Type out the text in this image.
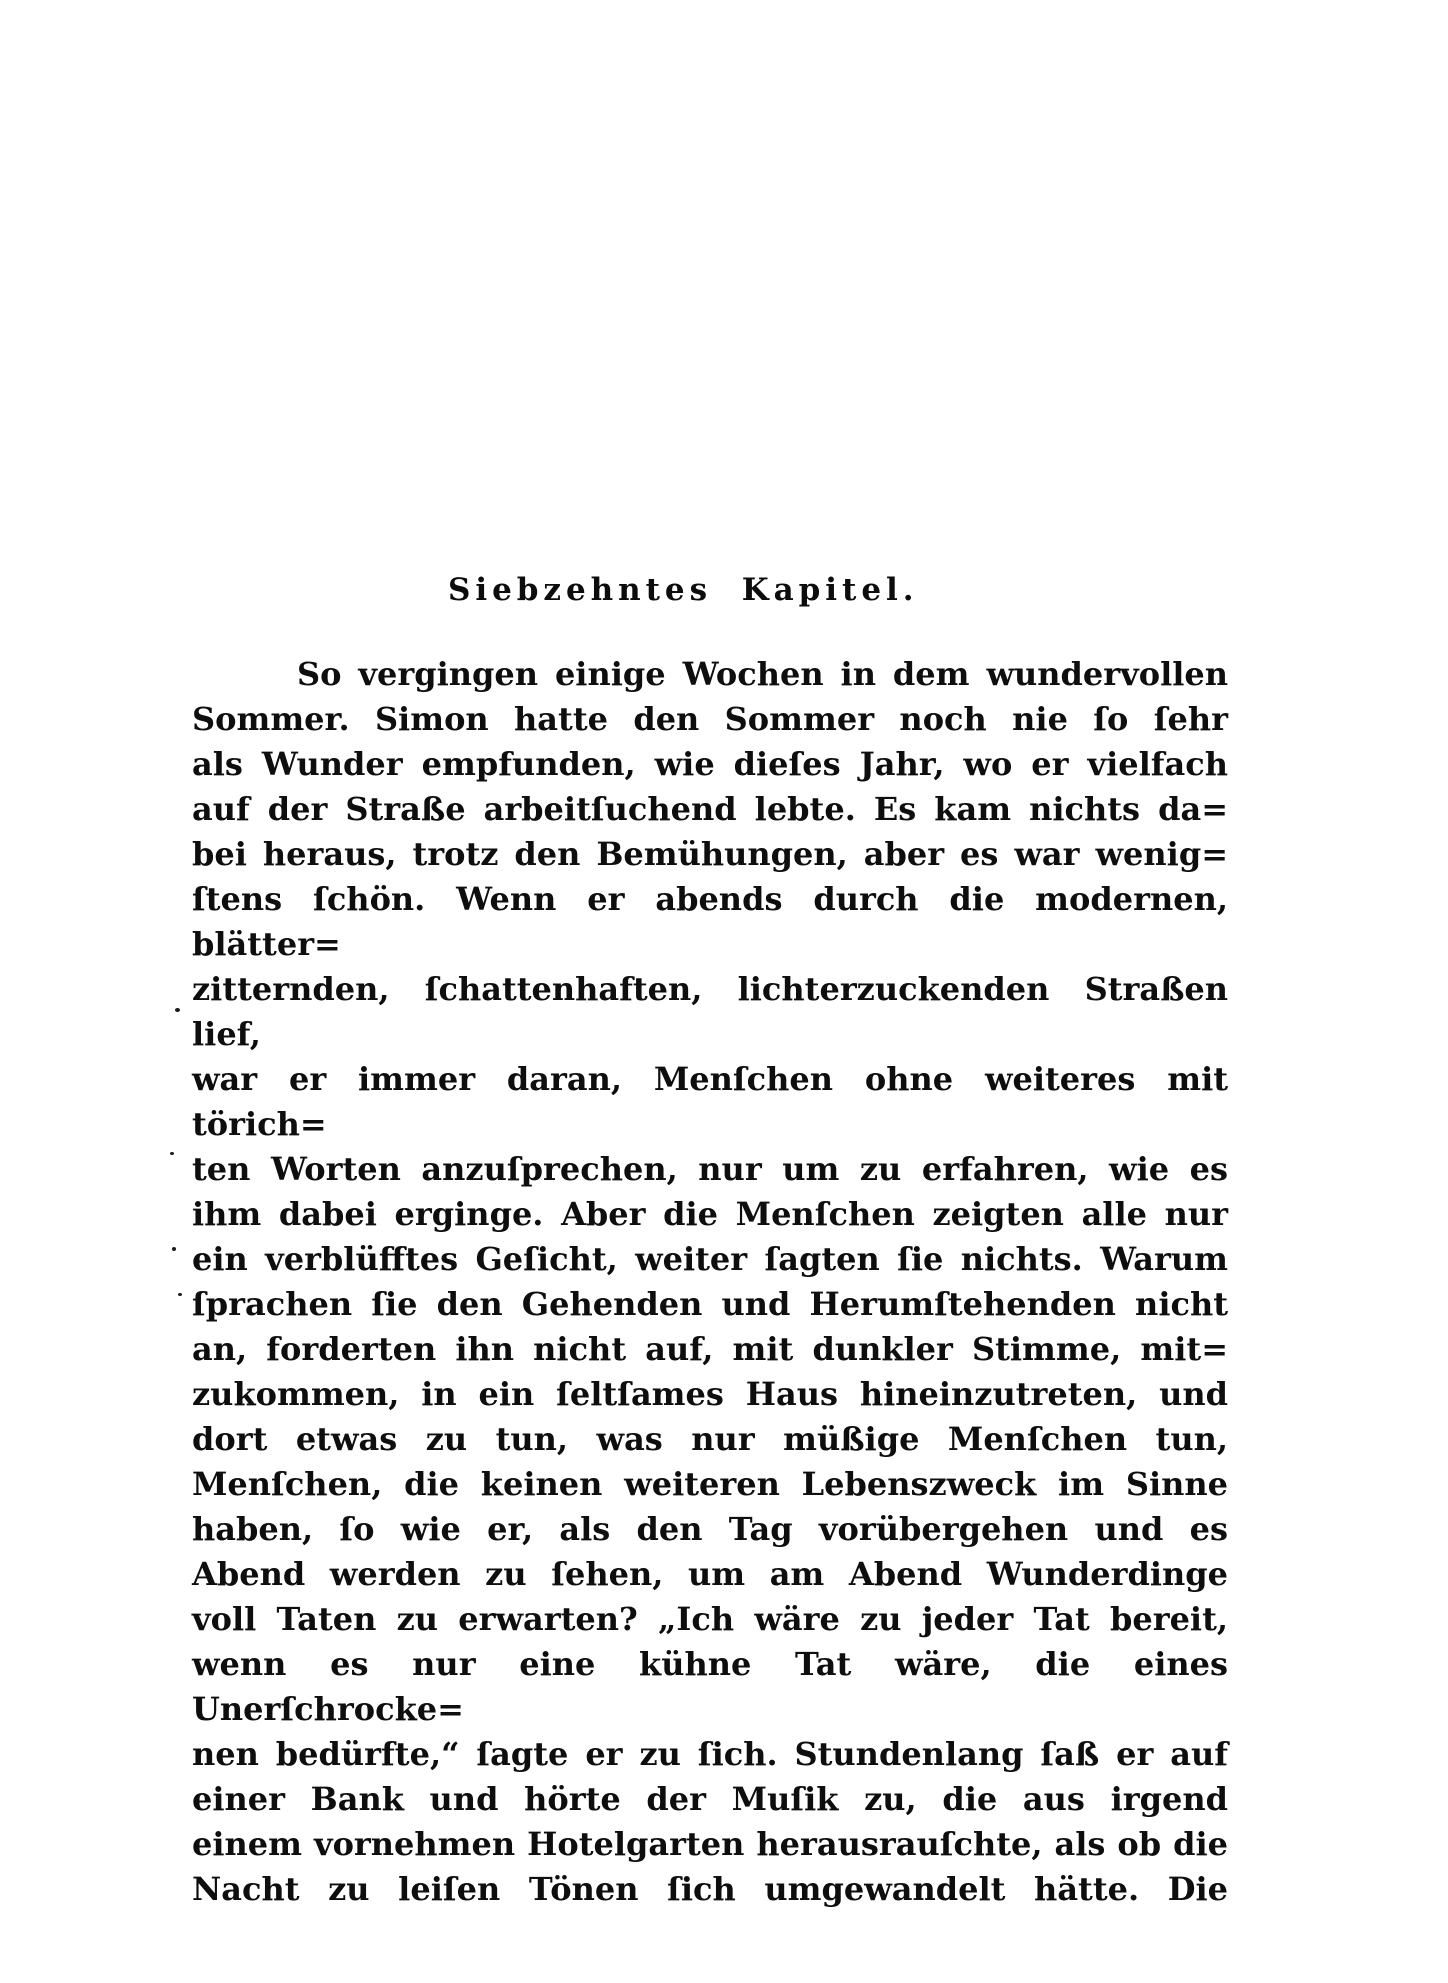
Siebzehntes Kapitel.
So vergingen einige Wochen in dem wundervollen
Sommer. Simon hatte den Sommer noch nie ſo ſehr
als Wunder empfunden, wie dieſes Jahr, wo er vielfach
auf der Straße arbeitſuchend lebte. Es kam nichts da=
bei heraus, trotz den Bemühungen, aber es war wenig=
ſtens ſchön. Wenn er abends durch die modernen, blätter=
zitternden, ſchattenhaften, lichterzuckenden Straßen lief,
war er immer daran, Menſchen ohne weiteres mit törich=
ten Worten anzuſprechen, nur um zu erfahren, wie es
ihm dabei erginge. Aber die Menſchen zeigten alle nur
ein verblüfftes Geſicht, weiter ſagten ſie nichts. Warum
ſprachen ſie den Gehenden und Herumſtehenden nicht
an, forderten ihn nicht auf, mit dunkler Stimme, mit=
zukommen, in ein ſeltſames Haus hineinzutreten, und
dort etwas zu tun, was nur müßige Menſchen tun,
Menſchen, die keinen weiteren Lebenszweck im Sinne
haben, ſo wie er, als den Tag vorübergehen und es
Abend werden zu ſehen, um am Abend Wunderdinge
voll Taten zu erwarten? „Ich wäre zu jeder Tat bereit,
wenn es nur eine kühne Tat wäre, die eines Unerſchrocke=
nen bedürfte,“ ſagte er zu ſich. Stundenlang ſaß er auf
einer Bank und hörte der Muſik zu, die aus irgend
einem vornehmen Hotelgarten herausrauſchte, als ob die
Nacht zu leiſen Tönen ſich umgewandelt hätte. Die
